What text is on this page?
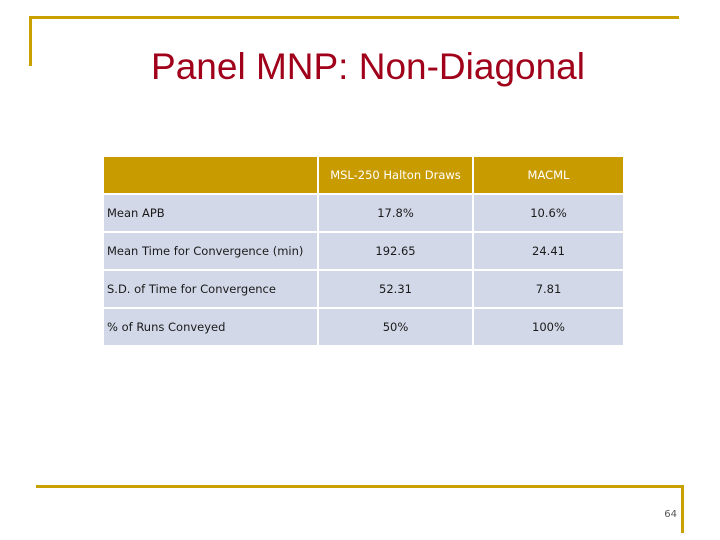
Panel MNP: Non-Diagonal
	MSL-250 Halton Draws	MACML
Mean APB	17.8%	10.6%
Mean Time for Convergence (min)	192.65	24.41
S.D. of Time for Convergence	52.31	7.81
% of Runs Conveyed	50%	100%
64
